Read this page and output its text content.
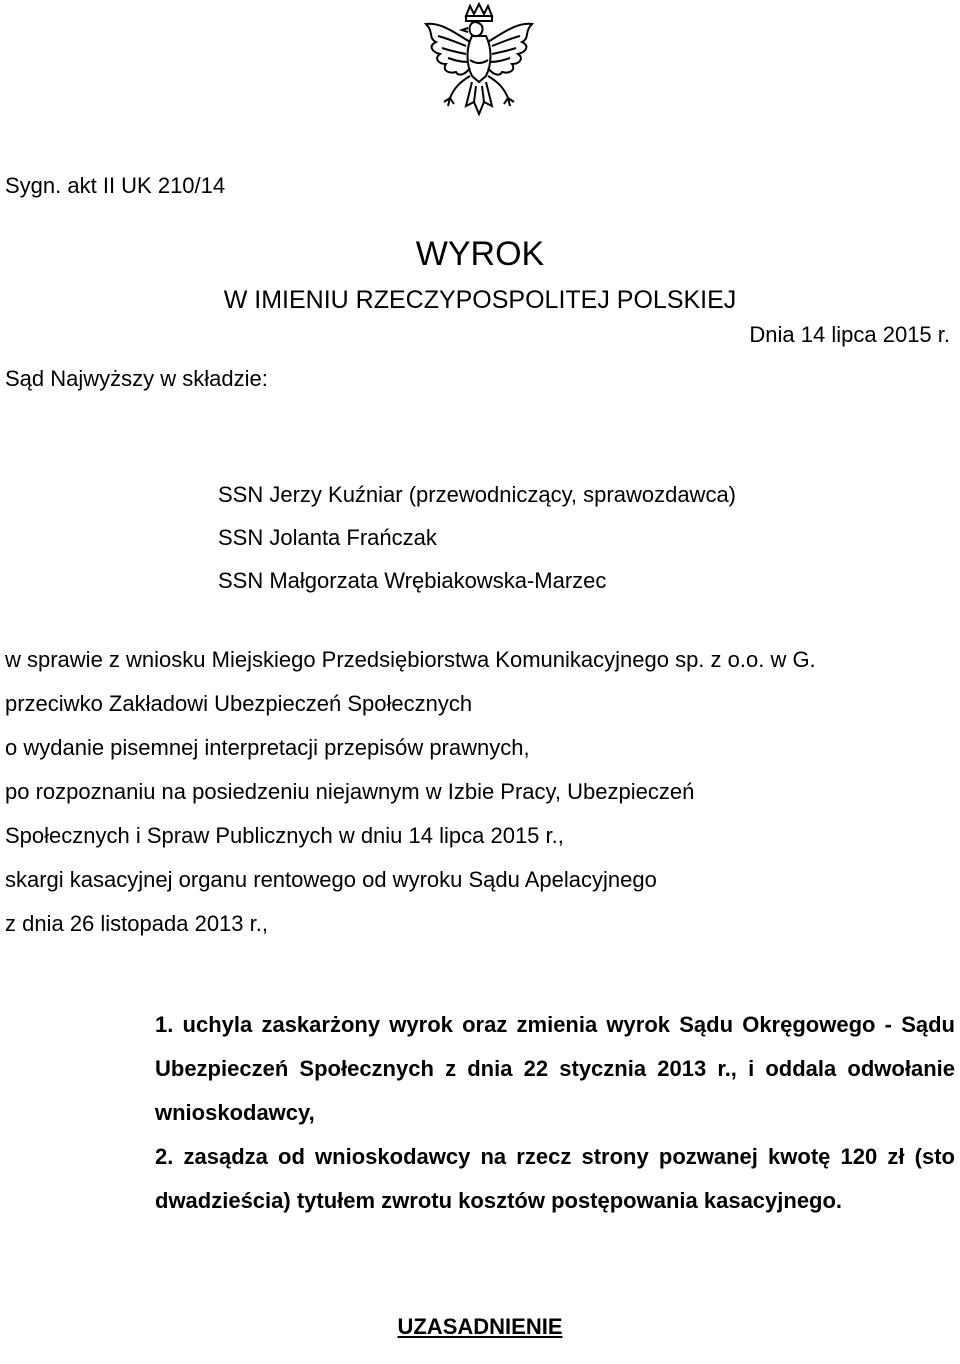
Sygn. akt II UK 210/14
WYROK
W IMIENIU RZECZYPOSPOLITEJ POLSKIEJ
Dnia 14 lipca 2015 r.
Sąd Najwyższy w składzie:
SSN Jerzy Kuźniar (przewodniczący, sprawozdawca)
SSN Jolanta Frańczak
SSN Małgorzata Wrębiakowska-Marzec
w sprawie z wniosku Miejskiego Przedsiębiorstwa Komunikacyjnego sp. z o.o. w G.
przeciwko Zakładowi Ubezpieczeń Społecznych
o wydanie pisemnej interpretacji przepisów prawnych,
po rozpoznaniu na posiedzeniu niejawnym w Izbie Pracy, Ubezpieczeń
Społecznych i Spraw Publicznych w dniu 14 lipca 2015 r.,
skargi kasacyjnej organu rentowego od wyroku Sądu Apelacyjnego
z dnia 26 listopada 2013 r.,

1. uchyla zaskarżony wyrok oraz zmienia wyrok Sądu Okręgowego - Sądu Ubezpieczeń Społecznych z dnia 22 stycznia 2013 r., i oddala odwołanie wnioskodawcy,

2. zasądza od wnioskodawcy na rzecz strony pozwanej kwotę 120 zł (sto dwadzieścia) tytułem zwrotu kosztów postępowania kasacyjnego.

UZASADNIENIE
